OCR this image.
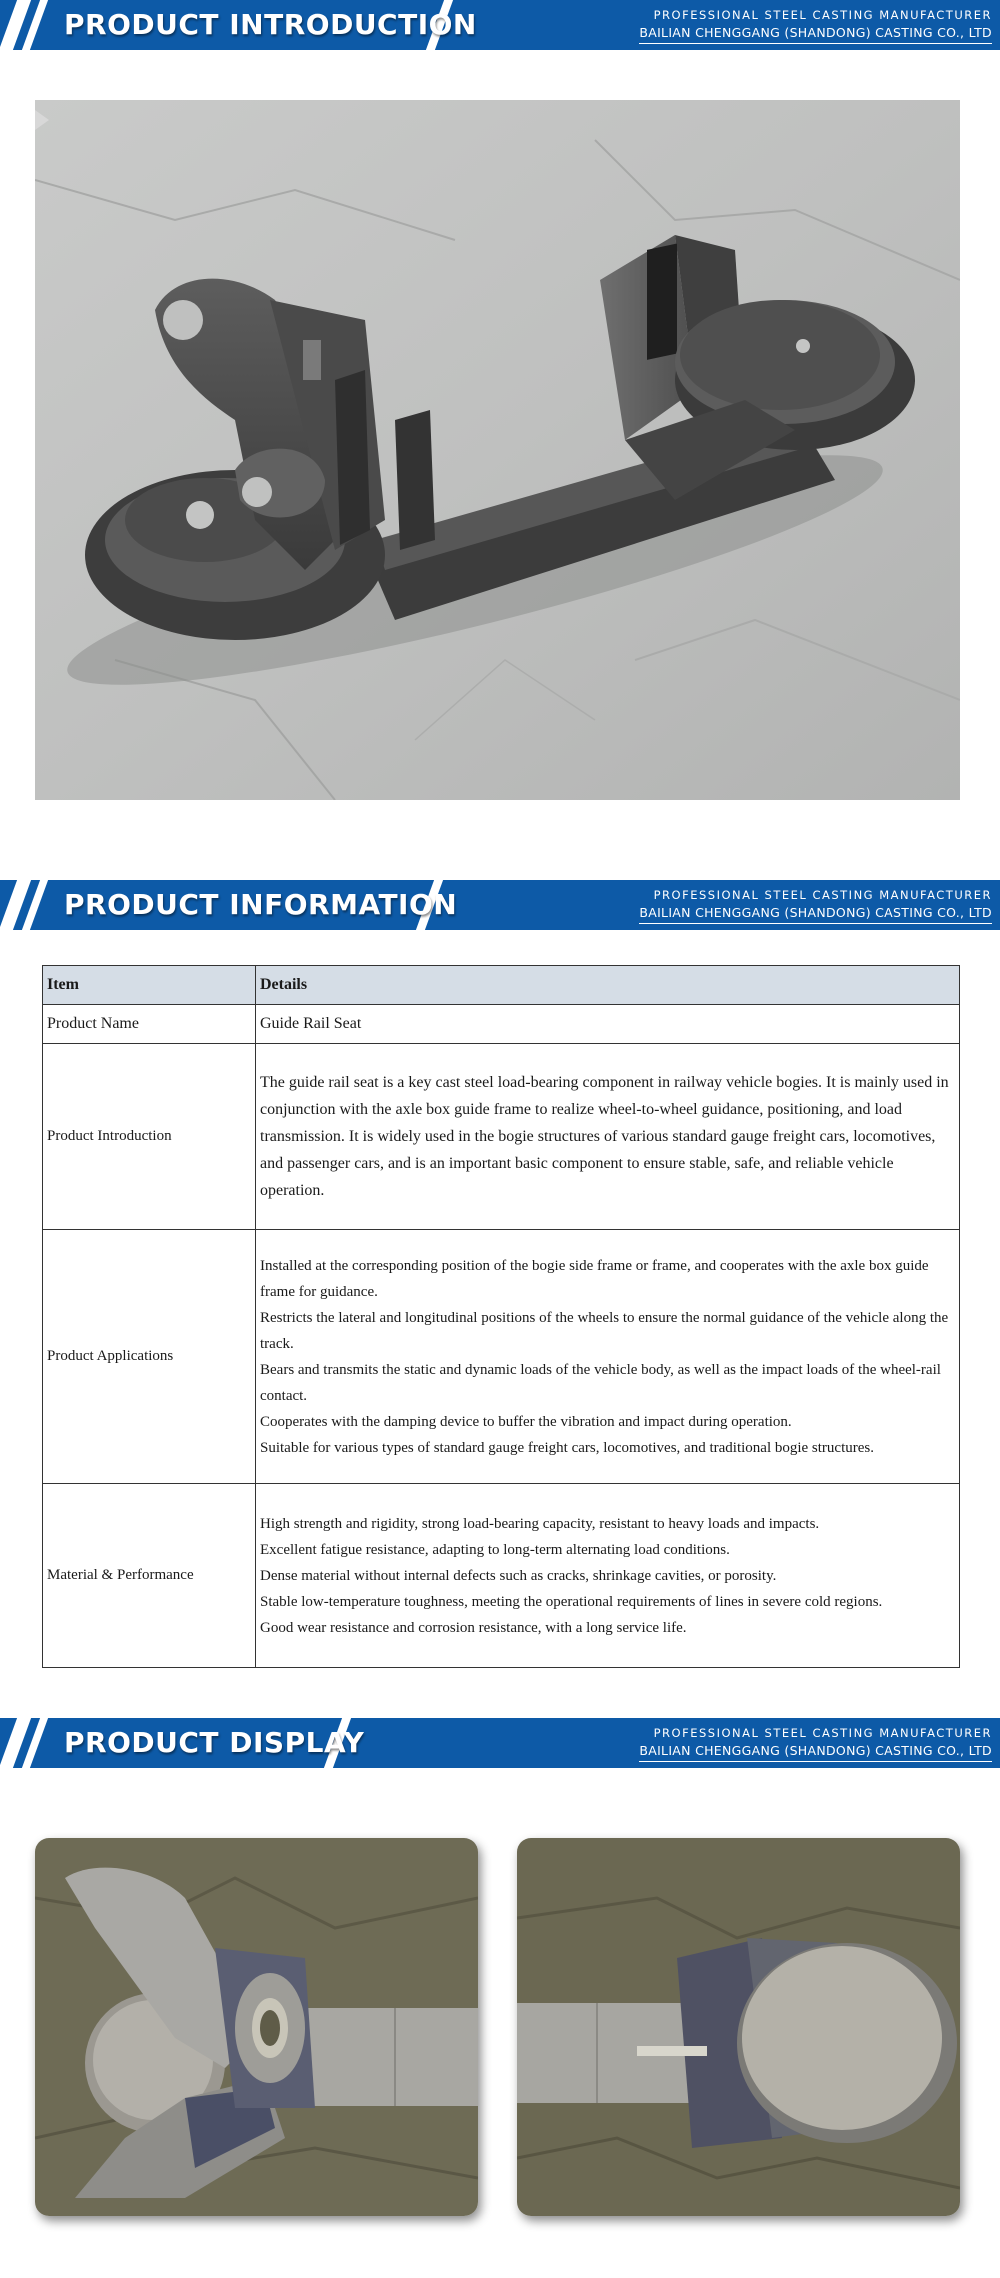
PRODUCT INTRODUCTION	PROFESSIONAL STEEL CASTING MANUFACTURER
BAILIAN CHENGGANG (SHANDONG) CASTING CO., LTD
PRODUCT INFORMATION	PROFESSIONAL STEEL CASTING MANUFACTURER
BAILIAN CHENGGANG (SHANDONG) CASTING CO., LTD
Item	Details
Product Name	Guide Rail Seat
Product Introduction	The guide rail seat is a key cast steel load-bearing component in railway vehicle bogies. It is mainly used in conjunction with the axle box guide frame to realize wheel-to-wheel guidance, positioning, and load transmission. It is widely used in the bogie structures of various standard gauge freight cars, locomotives, and passenger cars, and is an important basic component to ensure stable, safe, and reliable vehicle operation.
Product Applications	Installed at the corresponding position of the bogie side frame or frame, and cooperates with the axle box guide frame for guidance.

Restricts the lateral and longitudinal positions of the wheels to ensure the normal guidance of the vehicle along the track.

Bears and transmits the static and dynamic loads of the vehicle body, as well as the impact loads of the wheel-rail contact.

Cooperates with the damping device to buffer the vibration and impact during operation.

Suitable for various types of standard gauge freight cars, locomotives, and traditional bogie structures.

Material & Performance	High strength and rigidity, strong load-bearing capacity, resistant to heavy loads and impacts.

Excellent fatigue resistance, adapting to long-term alternating load conditions.

Dense material without internal defects such as cracks, shrinkage cavities, or porosity.

Stable low-temperature toughness, meeting the operational requirements of lines in severe cold regions.

Good wear resistance and corrosion resistance, with a long service life.

PRODUCT DISPLAY	PROFESSIONAL STEEL CASTING MANUFACTURER
BAILIAN CHENGGANG (SHANDONG) CASTING CO., LTD
